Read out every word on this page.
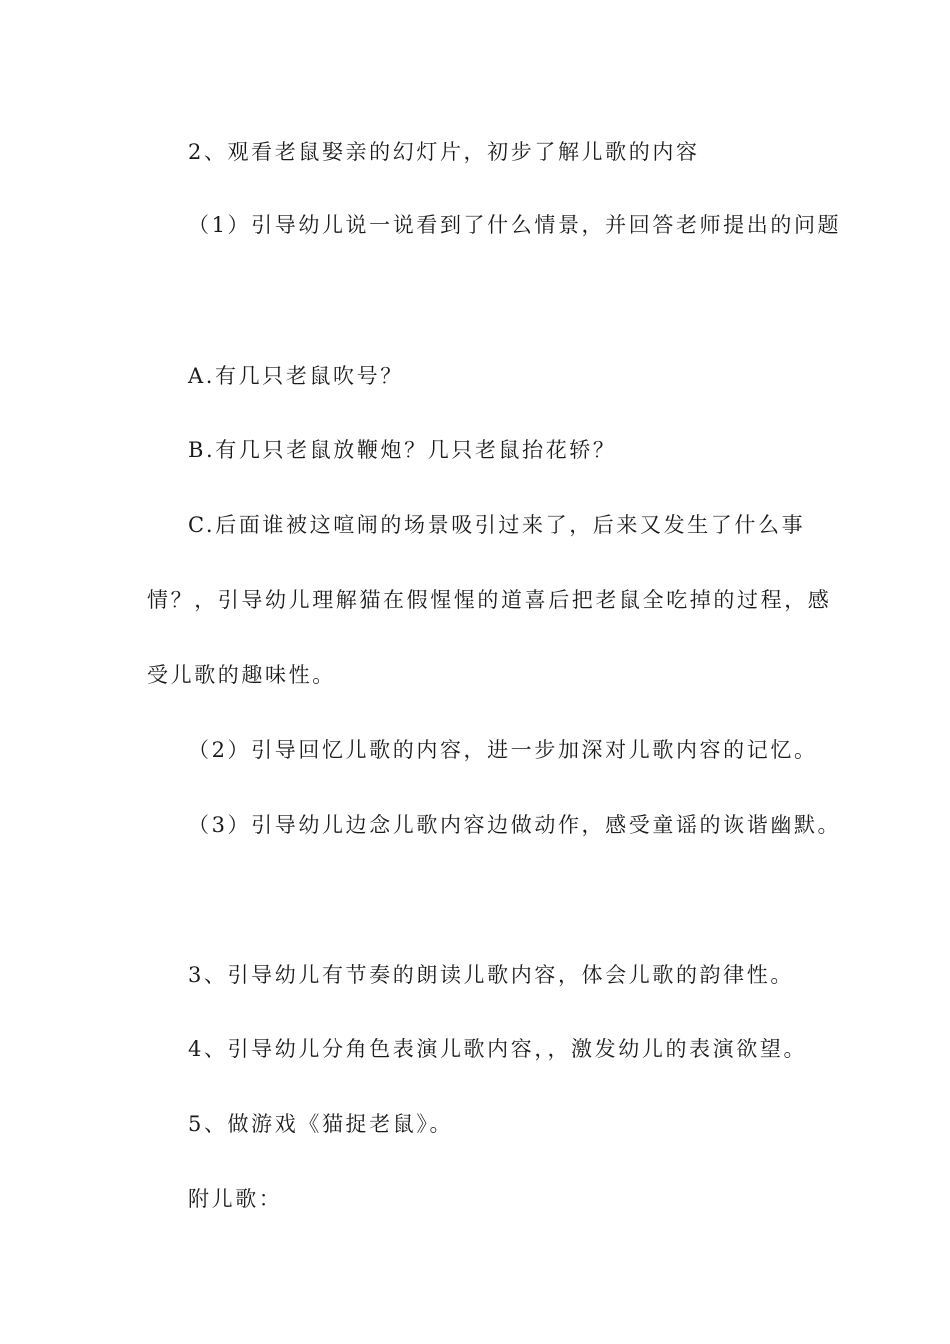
2、观看老鼠娶亲的幻灯片，初步了解儿歌的内容
（1）引导幼儿说一说看到了什么情景，并回答老师提出的问题
A.有几只老鼠吹号？
B.有几只老鼠放鞭炮？几只老鼠抬花轿？
C.后面谁被这喧闹的场景吸引过来了，后来又发生了什么事
情？，引导幼儿理解猫在假惺惺的道喜后把老鼠全吃掉的过程，感
受儿歌的趣味性。
（2）引导回忆儿歌的内容，进一步加深对儿歌内容的记忆。
（3）引导幼儿边念儿歌内容边做动作，感受童谣的诙谐幽默。
3、引导幼儿有节奏的朗读儿歌内容，体会儿歌的韵律性。
4、引导幼儿分角色表演儿歌内容，，激发幼儿的表演欲望。
5、做游戏《猫捉老鼠》。
附儿歌：
